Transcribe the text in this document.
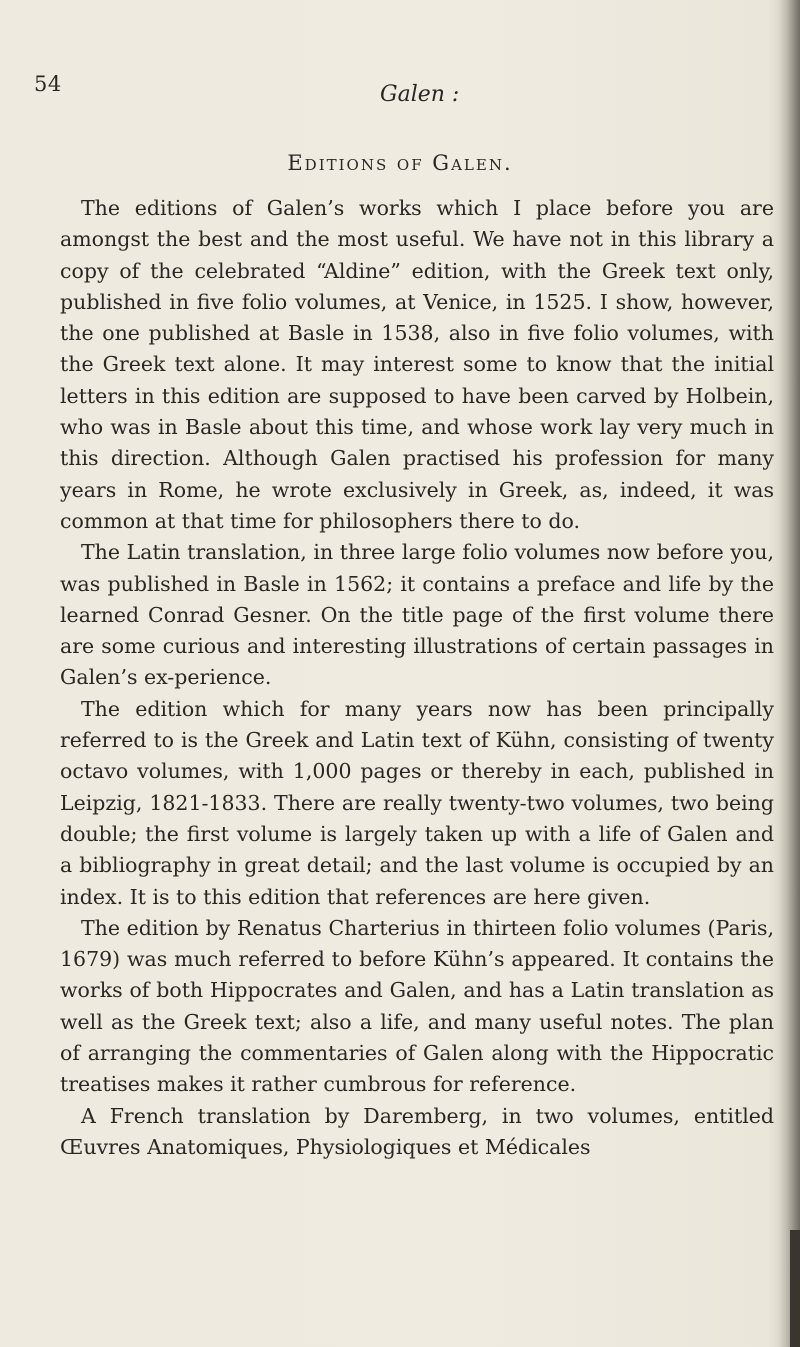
54	Galen :
Editions of Galen.

The editions of Galen’s works which I place before you are amongst the best and the most useful. We have not in this library a copy of the celebrated “Aldine” edition, with the Greek text only, published in five folio volumes, at Venice, in 1525. I show, however, the one published at Basle in 1538, also in five folio volumes, with the Greek text alone. It may interest some to know that the initial letters in this edition are supposed to have been carved by Holbein, who was in Basle about this time, and whose work lay very much in this direction. Although Galen practised his profession for many years in Rome, he wrote exclusively in Greek, as, indeed, it was common at that time for philosophers there to do.

The Latin translation, in three large folio volumes now before you, was published in Basle in 1562; it contains a preface and life by the learned Conrad Gesner. On the title page of the first volume there are some curious and interesting illustrations of certain passages in Galen’s ex-perience.

The edition which for many years now has been principally referred to is the Greek and Latin text of Kühn, consisting of twenty octavo volumes, with 1,000 pages or thereby in each, published in Leipzig, 1821-1833. There are really twenty-two volumes, two being double; the first volume is largely taken up with a life of Galen and a bibliography in great detail; and the last volume is occupied by an index. It is to this edition that references are here given.

The edition by Renatus Charterius in thirteen folio volumes (Paris, 1679) was much referred to before Kühn’s appeared. It contains the works of both Hippocrates and Galen, and has a Latin translation as well as the Greek text; also a life, and many useful notes. The plan of arranging the commentaries of Galen along with the Hippocratic treatises makes it rather cumbrous for reference.

A French translation by Daremberg, in two volumes, entitled Œuvres Anatomiques, Physiologiques et Médicales
